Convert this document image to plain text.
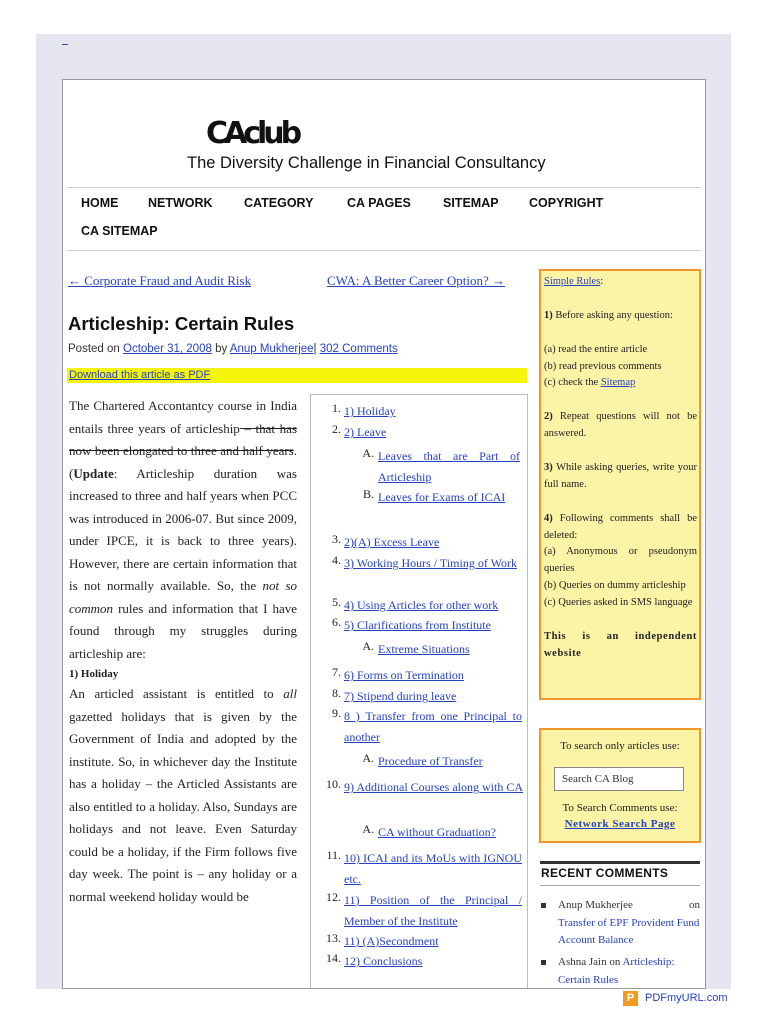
CAclub
The Diversity Challenge in Financial Consultancy
HOME NETWORK	CATEGORY	CA PAGES	SITEMAP COPYRIGHT
CA SITEMAP
← Corporate Fraud and Audit Risk	CWA: A Better Career Option? →
Articleship: Certain Rules
Posted on October 31, 2008 by Anup Mukherjee| 302 Comments
Download this article as PDF

The Chartered Accontantcy course in India entails three years of articleship – that has now been elongated to three and half years. (Update: Articleship duration was increased to three and half years when PCC was introduced in 2006-07. But since 2009, under IPCE, it is back to three years). However, there are certain information that is not normally available. So, the not so common rules and information that I have found through my struggles during articleship are:

1) Holiday

An articled assistant is entitled to all gazetted holidays that is given by the Government of India and adopted by the institute. So, in whichever day the Institute has a holiday – the Articled Assistants are also entitled to a holiday. Also, Sundays are holidays and not leave. Even Saturday could be a holiday, if the Firm follows five day week. The point is – any holiday or a normal weekend holiday would be

1. 1) Holiday
2. 2) Leave
A. Leaves that are Part of Articleship
B. Leaves for Exams of ICAI
3. 2)(A) Excess Leave
4. 3) Working Hours / Timing of Work
5. 4) Using Articles for other work
6. 5) Clarifications from Institute
A. Extreme Situations
7. 6) Forms on Termination
8. 7) Stipend during leave
9. 8 ) Transfer from one Principal to another
A. Procedure of Transfer
10. 9) Additional Courses along with CA
A. CA without Graduation?
11. 10) ICAI and its MoUs with IGNOU etc.
12. 11) Position of the Principal / Member of the Institute
13. 11) (A)Secondment
14. 12) Conclusions

Simple Rules:

1) Before asking any question:

(a) read the entire article

(b) read previous comments

(c) check the Sitemap

2) Repeat questions will not be answered.

3) While asking queries, write your full name.

4) Following comments shall be deleted:

(a) Anonymous or pseudonym queries

(b) Queries on dummy articleship

(c) Queries asked in SMS language

This is an independent website

To search only articles use:
Search CA Blog
To Search Comments use:
Network Search Page
RECENT COMMENTS
Anup Mukherjee	on
Transfer of EPF Provident Fund Account Balance
Ashna Jain on Articleship: Certain Rules
P PDFmyURL.com
